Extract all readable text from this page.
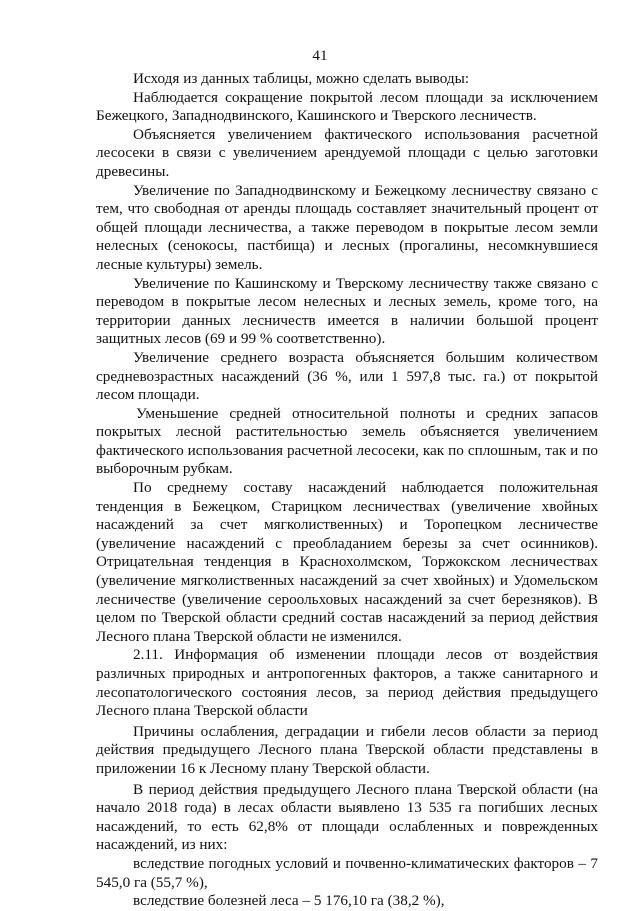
41

Исходя из данных таблицы, можно сделать выводы:

Наблюдается сокращение покрытой лесом площади за исключением Бежецкого, Западнодвинского, Кашинского и Тверского лесничеств.

Объясняется увеличением фактического использования расчетной лесосеки в связи с увеличением арендуемой площади с целью заготовки древесины.

Увеличение по Западнодвинскому и Бежецкому лесничеству связано с тем, что свободная от аренды площадь составляет значительный процент от общей площади лесничества, а также переводом в покрытые лесом земли нелесных (сенокосы, пастбища) и лесных (прогалины, несомкнувшиеся лесные культуры) земель.

Увеличение по Кашинскому и Тверскому лесничеству также связано с переводом в покрытые лесом нелесных и лесных земель, кроме того, на территории данных лесничеств имеется в наличии большой процент защитных лесов (69 и 99 % соответственно).

Увеличение среднего возраста объясняется большим количеством средневозрастных насаждений (36 %, или 1 597,8 тыс. га.) от покрытой лесом площади.

Уменьшение средней относительной полноты и средних запасов покрытых лесной растительностью земель объясняется увеличением фактического использования расчетной лесосеки, как по сплошным, так и по выборочным рубкам.

По среднему составу насаждений наблюдается положительная тенденция в Бежецком, Старицком лесничествах (увеличение хвойных насаждений за счет мягколиственных) и Торопецком лесничестве (увеличение насаждений с преобладанием березы за счет осинников). Отрицательная тенденция в Краснохолмском, Торжокском лесничествах (увеличение мягколиственных насаждений за счет хвойных) и Удомельском лесничестве (увеличение сероольховых насаждений за счет березняков). В целом по Тверской области средний состав насаждений за период действия Лесного плана Тверской области не изменился.

2.11. Информация об изменении площади лесов от воздействия различных природных и антропогенных факторов, а также санитарного и лесопатологического состояния лесов, за период действия предыдущего Лесного плана Тверской области

Причины ослабления, деградации и гибели лесов области за период действия предыдущего Лесного плана Тверской области представлены в приложении 16 к Лесному плану Тверской области.

В период действия предыдущего Лесного плана Тверской области (на начало 2018 года) в лесах области выявлено 13 535 га погибших лесных насаждений, то есть 62,8% от площади ослабленных и поврежденных насаждений, из них:

вследствие погодных условий и почвенно-климатических факторов – 7 545,0 га (55,7 %),

вследствие болезней леса – 5 176,10 га (38,2 %),
